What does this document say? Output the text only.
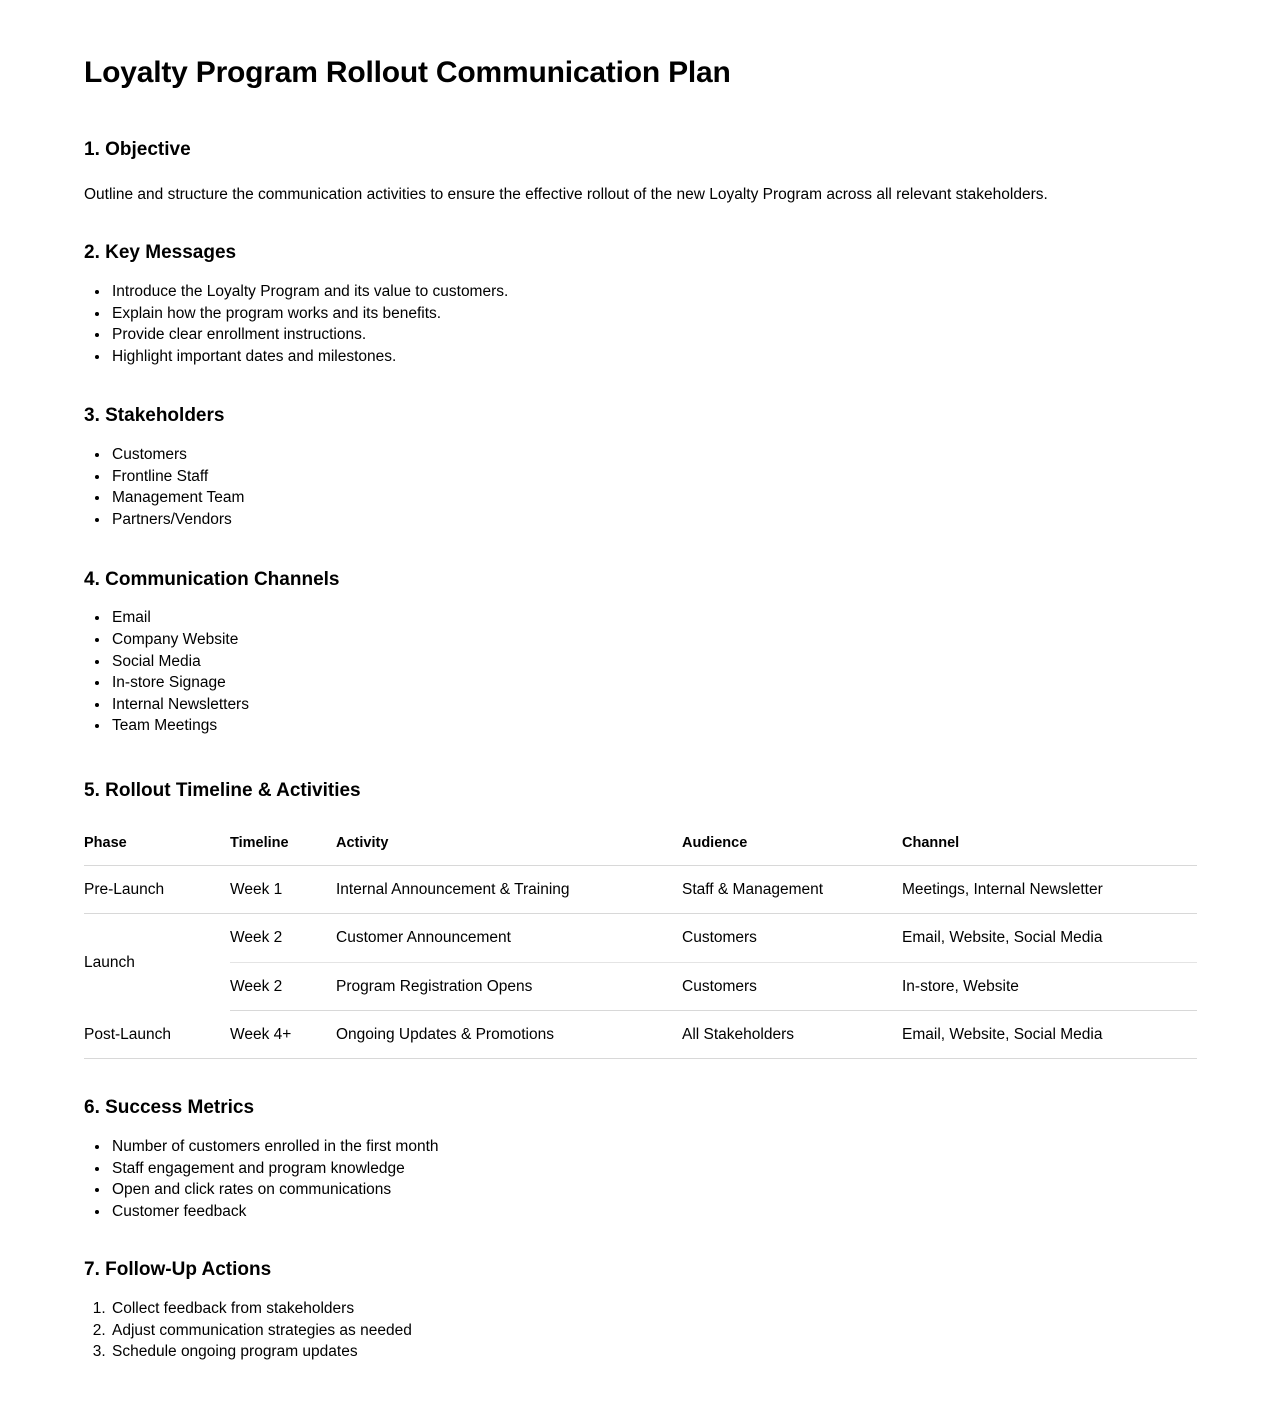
Loyalty Program Rollout Communication Plan
1. Objective

Outline and structure the communication activities to ensure the effective rollout of the new Loyalty Program across all relevant stakeholders.

2. Key Messages
• Introduce the Loyalty Program and its value to customers.
• Explain how the program works and its benefits.
• Provide clear enrollment instructions.
• Highlight important dates and milestones.
3. Stakeholders
• Customers
• Frontline Staff
• Management Team
• Partners/Vendors
4. Communication Channels
• Email
• Company Website
• Social Media
• In-store Signage
• Internal Newsletters
• Team Meetings
5. Rollout Timeline & Activities
Phase	Timeline	Activity	Audience	Channel
Pre-Launch	Week 1	Internal Announcement & Training	Staff & Management	Meetings, Internal Newsletter
Launch	Week 2	Customer Announcement	Customers	Email, Website, Social Media
	Week 2	Program Registration Opens	Customers	In-store, Website
Post-Launch	Week 4+	Ongoing Updates & Promotions	All Stakeholders	Email, Website, Social Media
6. Success Metrics
• Number of customers enrolled in the first month
• Staff engagement and program knowledge
• Open and click rates on communications
• Customer feedback
7. Follow-Up Actions
1. Collect feedback from stakeholders
2. Adjust communication strategies as needed
3. Schedule ongoing program updates
